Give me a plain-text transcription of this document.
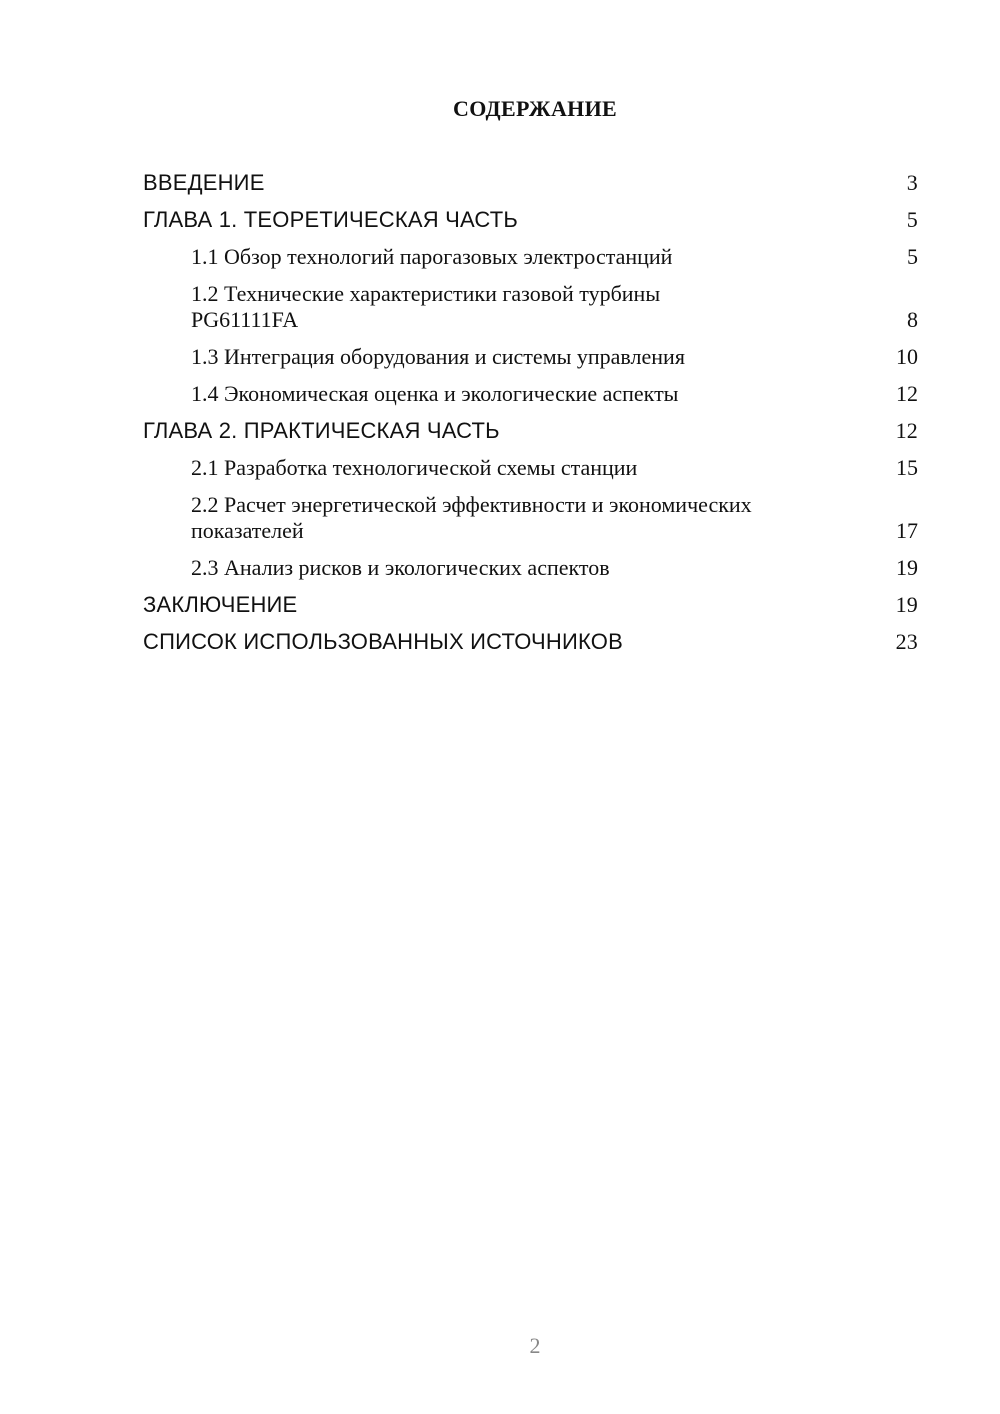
СОДЕРЖАНИЕ
ВВЕДЕНИЕ	3
ГЛАВА 1. ТЕОРЕТИЧЕСКАЯ ЧАСТЬ	5
1.1 Обзор технологий парогазовых электростанций	5
1.2 Технические характеристики газовой турбины PG61111FA	8
1.3 Интеграция оборудования и системы управления	10
1.4 Экономическая оценка и экологические аспекты	12
ГЛАВА 2. ПРАКТИЧЕСКАЯ ЧАСТЬ	12
2.1 Разработка технологической схемы станции	15
2.2 Расчет энергетической эффективности и экономических показателей	17
2.3 Анализ рисков и экологических аспектов	19
ЗАКЛЮЧЕНИЕ	19
СПИСОК ИСПОЛЬЗОВАННЫХ ИСТОЧНИКОВ	23
2
